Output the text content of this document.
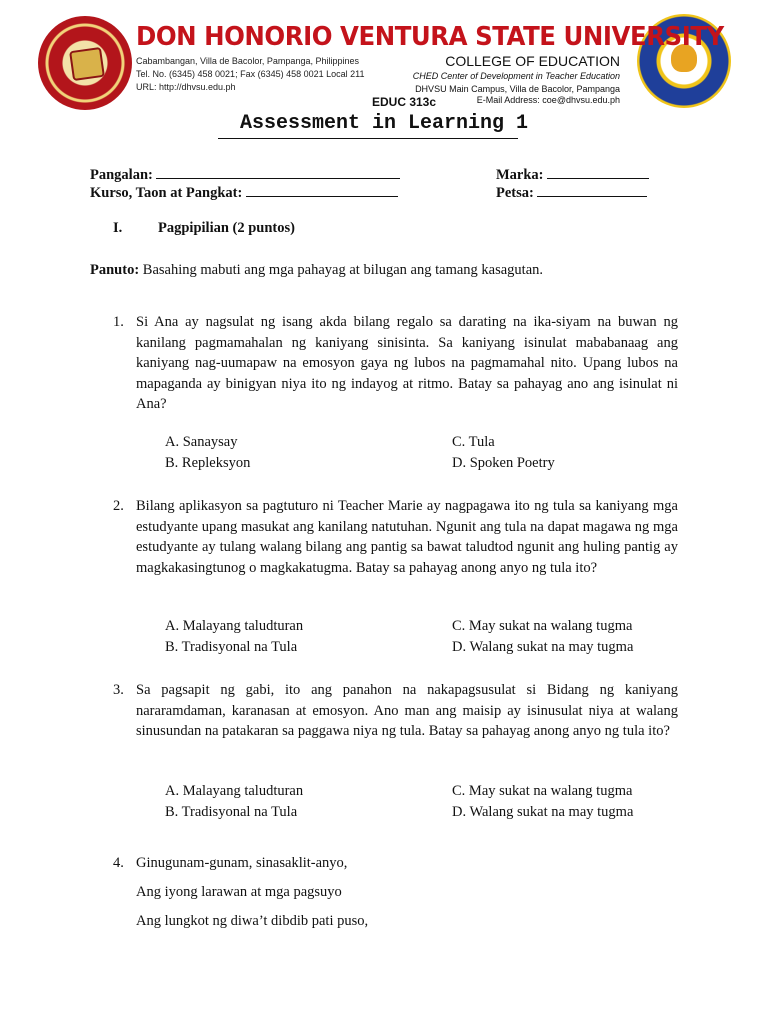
DON HONORIO VENTURA STATE UNIVERSITY
Cabambangan, Villa de Bacolor, Pampanga, Philippines
Tel. No. (6345) 458 0021; Fax (6345) 458 0021 Local 211
URL: http://dhvsu.edu.ph
COLLEGE OF EDUCATION
CHED Center of Development in Teacher Education
DHVSU Main Campus, Villa de Bacolor, Pampanga
E-Mail Address: coe@dhvsu.edu.ph
EDUC 313c
Assessment in Learning 1
Pangalan:
Kurso, Taon at Pangkat:
Marka:
Petsa:
I. Pagpipilian (2 puntos)
Panuto: Basahing mabuti ang mga pahayag at bilugan ang tamang kasagutan.
1. Si Ana ay nagsulat ng isang akda bilang regalo sa darating na ika-siyam na buwan ng kanilang pagmamahalan ng kaniyang sinisinta. Sa kaniyang isinulat mababanaag ang kaniyang nag-uumapaw na emosyon gaya ng lubos na pagmamahal nito. Upang lubos na mapaganda ay binigyan niya ito ng indayog at ritmo. Batay sa pahayag ano ang isinulat ni Ana?
A. Sanaysay
B. Repleksyon
C. Tula
D. Spoken Poetry
2. Bilang aplikasyon sa pagtuturo ni Teacher Marie ay nagpagawa ito ng tula sa kaniyang mga estudyante upang masukat ang kanilang natutuhan. Ngunit ang tula na dapat magawa ng mga estudyante ay tulang walang bilang ang pantig sa bawat taludtod ngunit ang huling pantig ay magkakasingtunog o magkakatugma. Batay sa pahayag anong anyo ng tula ito?
A. Malayang taludturan
B. Tradisyonal na Tula
C. May sukat na walang tugma
D. Walang sukat na may tugma
3. Sa pagsapit ng gabi, ito ang panahon na nakapagsusulat si Bidang ng kaniyang nararamdaman, karanasan at emosyon. Ano man ang maisip ay isinusulat niya at walang sinusundan na patakaran sa paggawa niya ng tula. Batay sa pahayag anong anyo ng tula ito?
A. Malayang taludturan
B. Tradisyonal na Tula
C. May sukat na walang tugma
D. Walang sukat na may tugma
4. Ginugunam-gunam, sinasaklit-anyo,
Ang iyong larawan at mga pagsuyo
Ang lungkot ng diwa’t dibdib pati puso,
